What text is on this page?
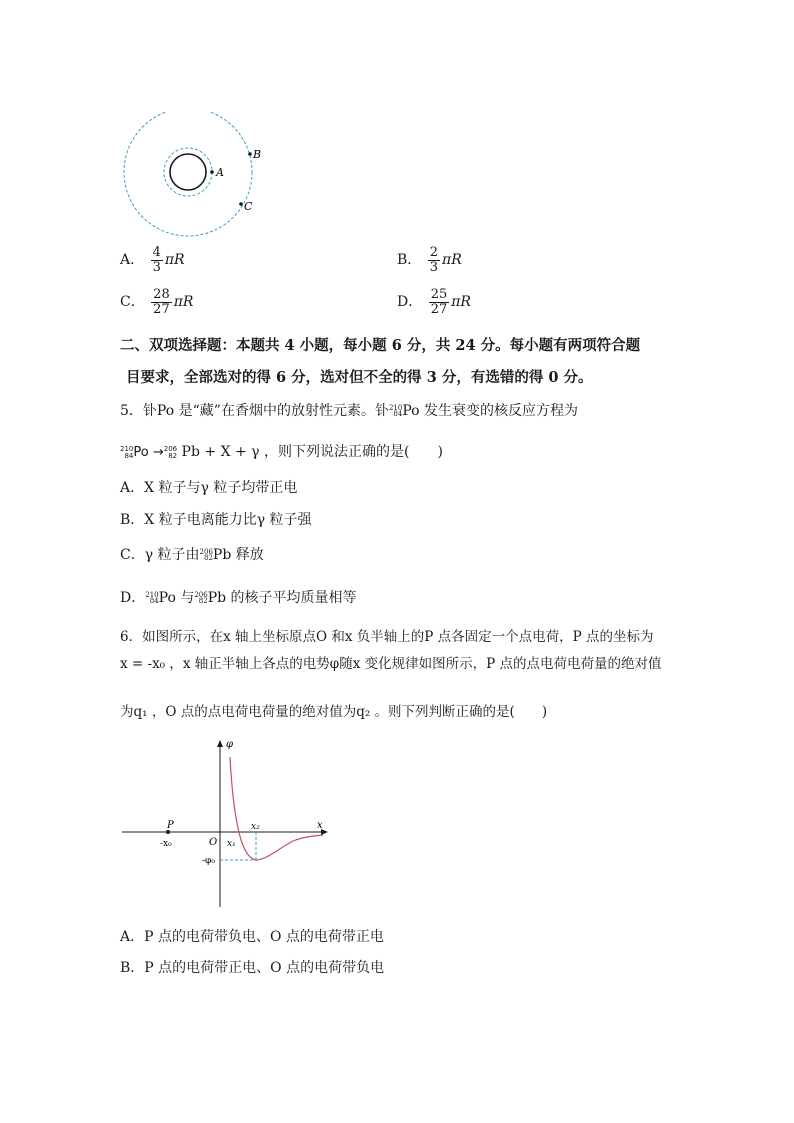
A
B
C
A． $\frac{4}{3}$ πR	B． $\frac{2}{3}$ πR
C． $\frac{28}{27}$ πR	D． $\frac{25}{27}$ πR
二、双项选择题：本题共 4 小题，每小题 6 分，共 24 分。每小题有两项符合题
目要求，全部选对的得 6 分，选对但不全的得 3 分，有选错的得 0 分。
5．钋Po 是“藏”在香烟中的放射性元素。钋 210
84 Po 发生衰变的核反应方程为
210
84 Po → 206
82 Pb + X + γ ，则下列说法正确的是(　　)
A．X 粒子与γ 粒子均带正电
B．X 粒子电离能力比γ 粒子强
C．γ 粒子由 206
82 Pb 释放
D． 210
84 Po 与 206
82 Pb 的核子平均质量相等
6．如图所示，在x 轴上坐标原点O 和x 负半轴上的P 点各固定一个点电荷，P 点的坐标为
x = -x₀ ，x 轴正半轴上各点的电势φ随x 变化规律如图所示，P 点的点电荷电荷量的绝对值
为q₁ ，O 点的点电荷电荷量的绝对值为q₂ 。则下列判断正确的是(　　)
φ
x
P
-x₀	O x₁
x₂
-φ₀
A．P 点的电荷带负电、O 点的电荷带正电
B．P 点的电荷带正电、O 点的电荷带负电
